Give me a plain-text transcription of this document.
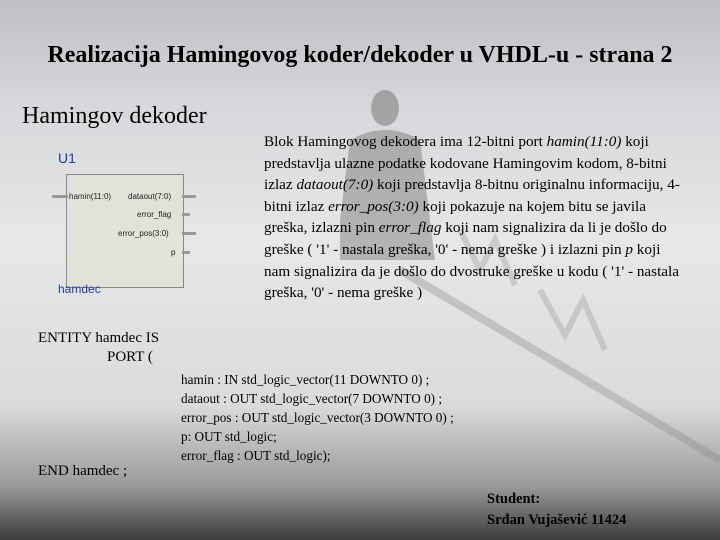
Realizacija Hamingovog koder/dekoder u VHDL-u - strana 2
Hamingov dekoder
U1
hamin(11:0) dataout(7:0)
error_flag
error_pos(3:0)
p
hamdec
Blok Hamingovog dekodera ima 12-bitni port hamin(11:0) koji predstavlja ulazne podatke kodovane Hamingovim kodom, 8-bitni izlaz dataout(7:0) koji predstavlja 8-bitnu originalnu informaciju, 4-bitni izlaz error_pos(3:0) koji pokazuje na kojem bitu se javila greška, izlazni pin error_flag koji nam signalizira da li je došlo do greške ( '1' - nastala greška, '0' - nema greške ) i izlazni pin p koji nam signalizira da je došlo do dvostruke greške u kodu ( '1' - nastala greška, '0' - nema greške )
ENTITY hamdec IS
PORT (
hamin : IN std_logic_vector(11 DOWNTO 0) ;
dataout : OUT std_logic_vector(7 DOWNTO 0) ;
error_pos : OUT std_logic_vector(3 DOWNTO 0) ;
p: OUT std_logic;
error_flag : OUT std_logic);
END hamdec ;
Student:
Srđan Vujašević 11424
